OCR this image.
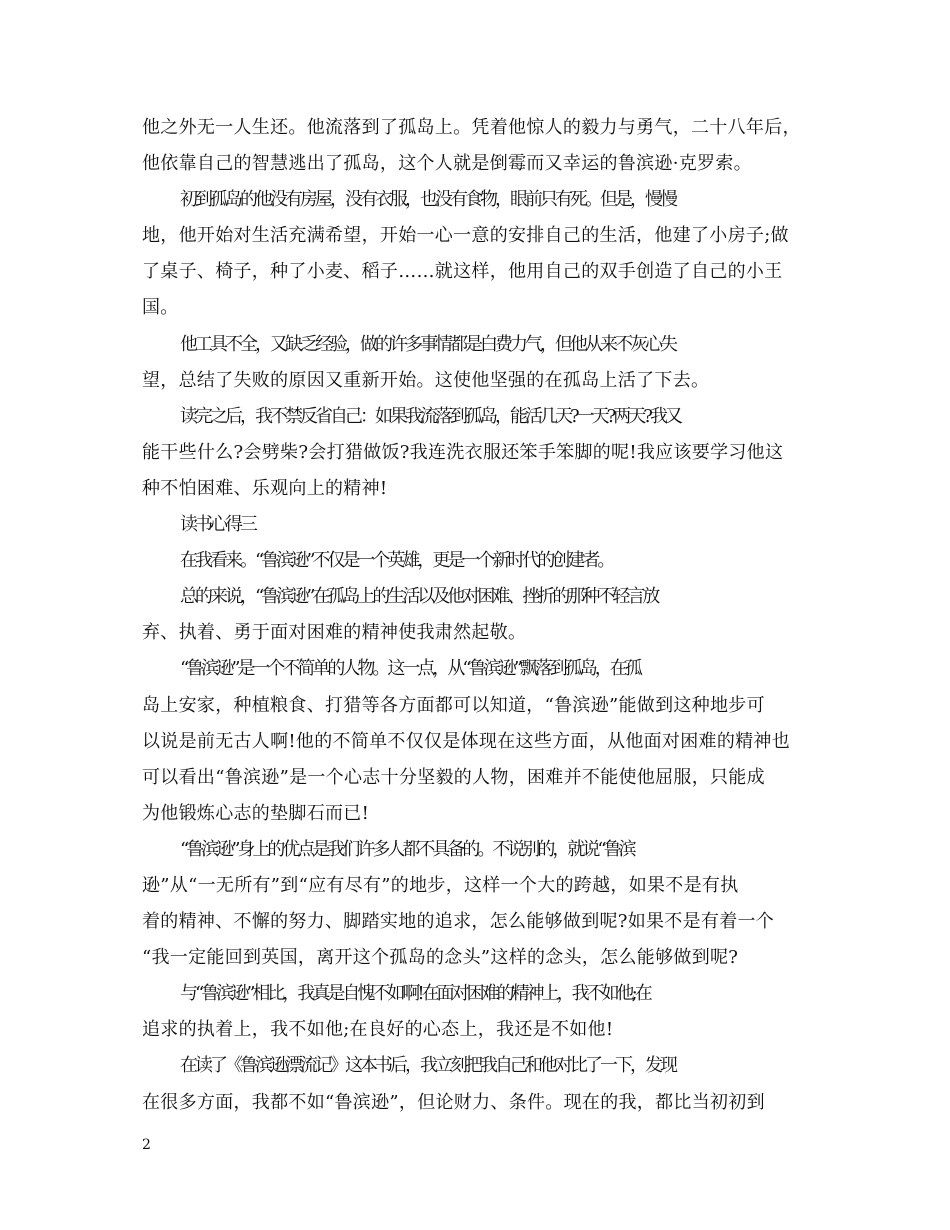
他之外无一人生还。他流落到了孤岛上。凭着他惊人的毅力与勇气，二十八年后，
他依靠自己的智慧逃出了孤岛，这个人就是倒霉而又幸运的鲁滨逊·克罗索。
初到孤岛的他没有房屋，没有衣服，也没有食物，眼前只有死。但是，慢慢
地，他开始对生活充满希望，开始一心一意的安排自己的生活，他建了小房子;做
了桌子、椅子，种了小麦、稻子……就这样，他用自己的双手创造了自己的小王
国。
他工具不全，又缺乏经验，做的许多事情都是白费力气，但他从来不灰心失
望，总结了失败的原因又重新开始。这使他坚强的在孤岛上活了下去。
读完之后，我不禁反省自己：如果我流落到孤岛，能活几天?一天?两天?我又
能干些什么?会劈柴?会打猎做饭?我连洗衣服还笨手笨脚的呢!我应该要学习他这
种不怕困难、乐观向上的精神!
读书心得三
在我看来。“鲁滨逊”不仅是一个英雄，更是一个新时代的创建者。
总的来说，“鲁滨逊”在孤岛上的生活以及他对困难、挫折的那种不轻言放
弃、执着、勇于面对困难的精神使我肃然起敬。
“鲁滨逊”是一个不简单的人物。这一点，从“鲁滨逊”飘落到孤岛，在孤
岛上安家，种植粮食、打猎等各方面都可以知道，“鲁滨逊”能做到这种地步可
以说是前无古人啊!他的不简单不仅仅是体现在这些方面，从他面对困难的精神也
可以看出“鲁滨逊”是一个心志十分坚毅的人物，困难并不能使他屈服，只能成
为他锻炼心志的垫脚石而已!
“鲁滨逊”身上的优点是我们许多人都不具备的。不说别的，就说“鲁滨
逊”从“一无所有”到“应有尽有”的地步，这样一个大的跨越，如果不是有执
着的精神、不懈的努力、脚踏实地的追求，怎么能够做到呢?如果不是有着一个
“我一定能回到英国，离开这个孤岛的念头”这样的念头，怎么能够做到呢?
与“鲁滨逊”相比，我真是自愧不如啊!在面对困难的精神上，我不如他;在
追求的执着上，我不如他;在良好的心态上，我还是不如他!
在读了《鲁滨逊漂流记》这本书后，我立刻把我自己和他对比了一下，发现
在很多方面，我都不如“鲁滨逊”，但论财力、条件。现在的我，都比当初初到
2
